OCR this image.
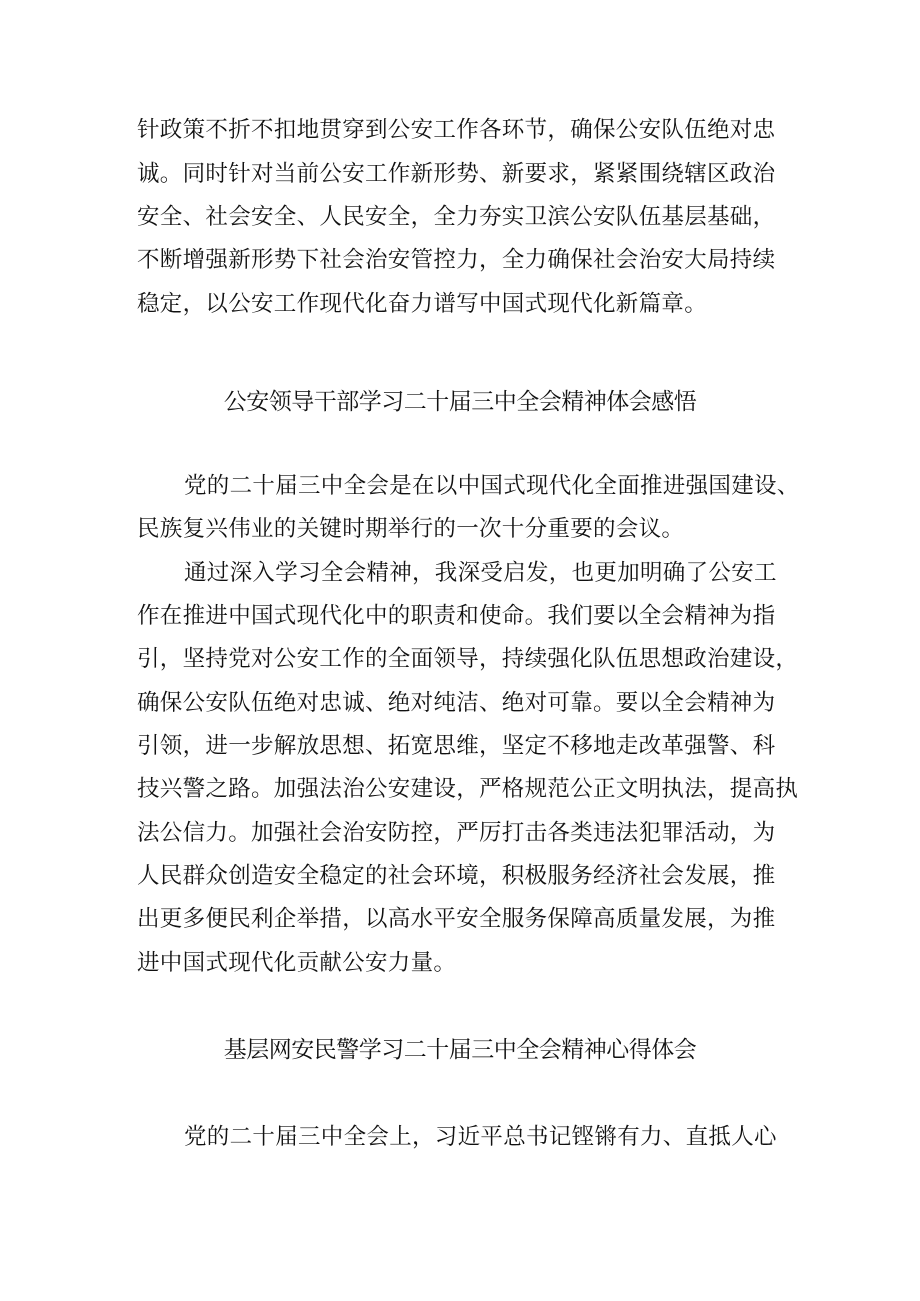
针政策不折不扣地贯穿到公安工作各环节，确保公安队伍绝对忠
诚。同时针对当前公安工作新形势、新要求，紧紧围绕辖区政治
安全、社会安全、人民安全，全力夯实卫滨公安队伍基层基础，
不断增强新形势下社会治安管控力，全力确保社会治安大局持续
稳定，以公安工作现代化奋力谱写中国式现代化新篇章。
公安领导干部学习二十届三中全会精神体会感悟
党的二十届三中全会是在以中国式现代化全面推进强国建设、
民族复兴伟业的关键时期举行的一次十分重要的会议。
通过深入学习全会精神，我深受启发，也更加明确了公安工
作在推进中国式现代化中的职责和使命。我们要以全会精神为指
引，坚持党对公安工作的全面领导，持续强化队伍思想政治建设，
确保公安队伍绝对忠诚、绝对纯洁、绝对可靠。要以全会精神为
引领，进一步解放思想、拓宽思维，坚定不移地走改革强警、科
技兴警之路。加强法治公安建设，严格规范公正文明执法，提高执
法公信力。加强社会治安防控，严厉打击各类违法犯罪活动，为
人民群众创造安全稳定的社会环境，积极服务经济社会发展，推
出更多便民利企举措，以高水平安全服务保障高质量发展，为推
进中国式现代化贡献公安力量。
基层网安民警学习二十届三中全会精神心得体会
党的二十届三中全会上，习近平总书记铿锵有力、直抵人心
